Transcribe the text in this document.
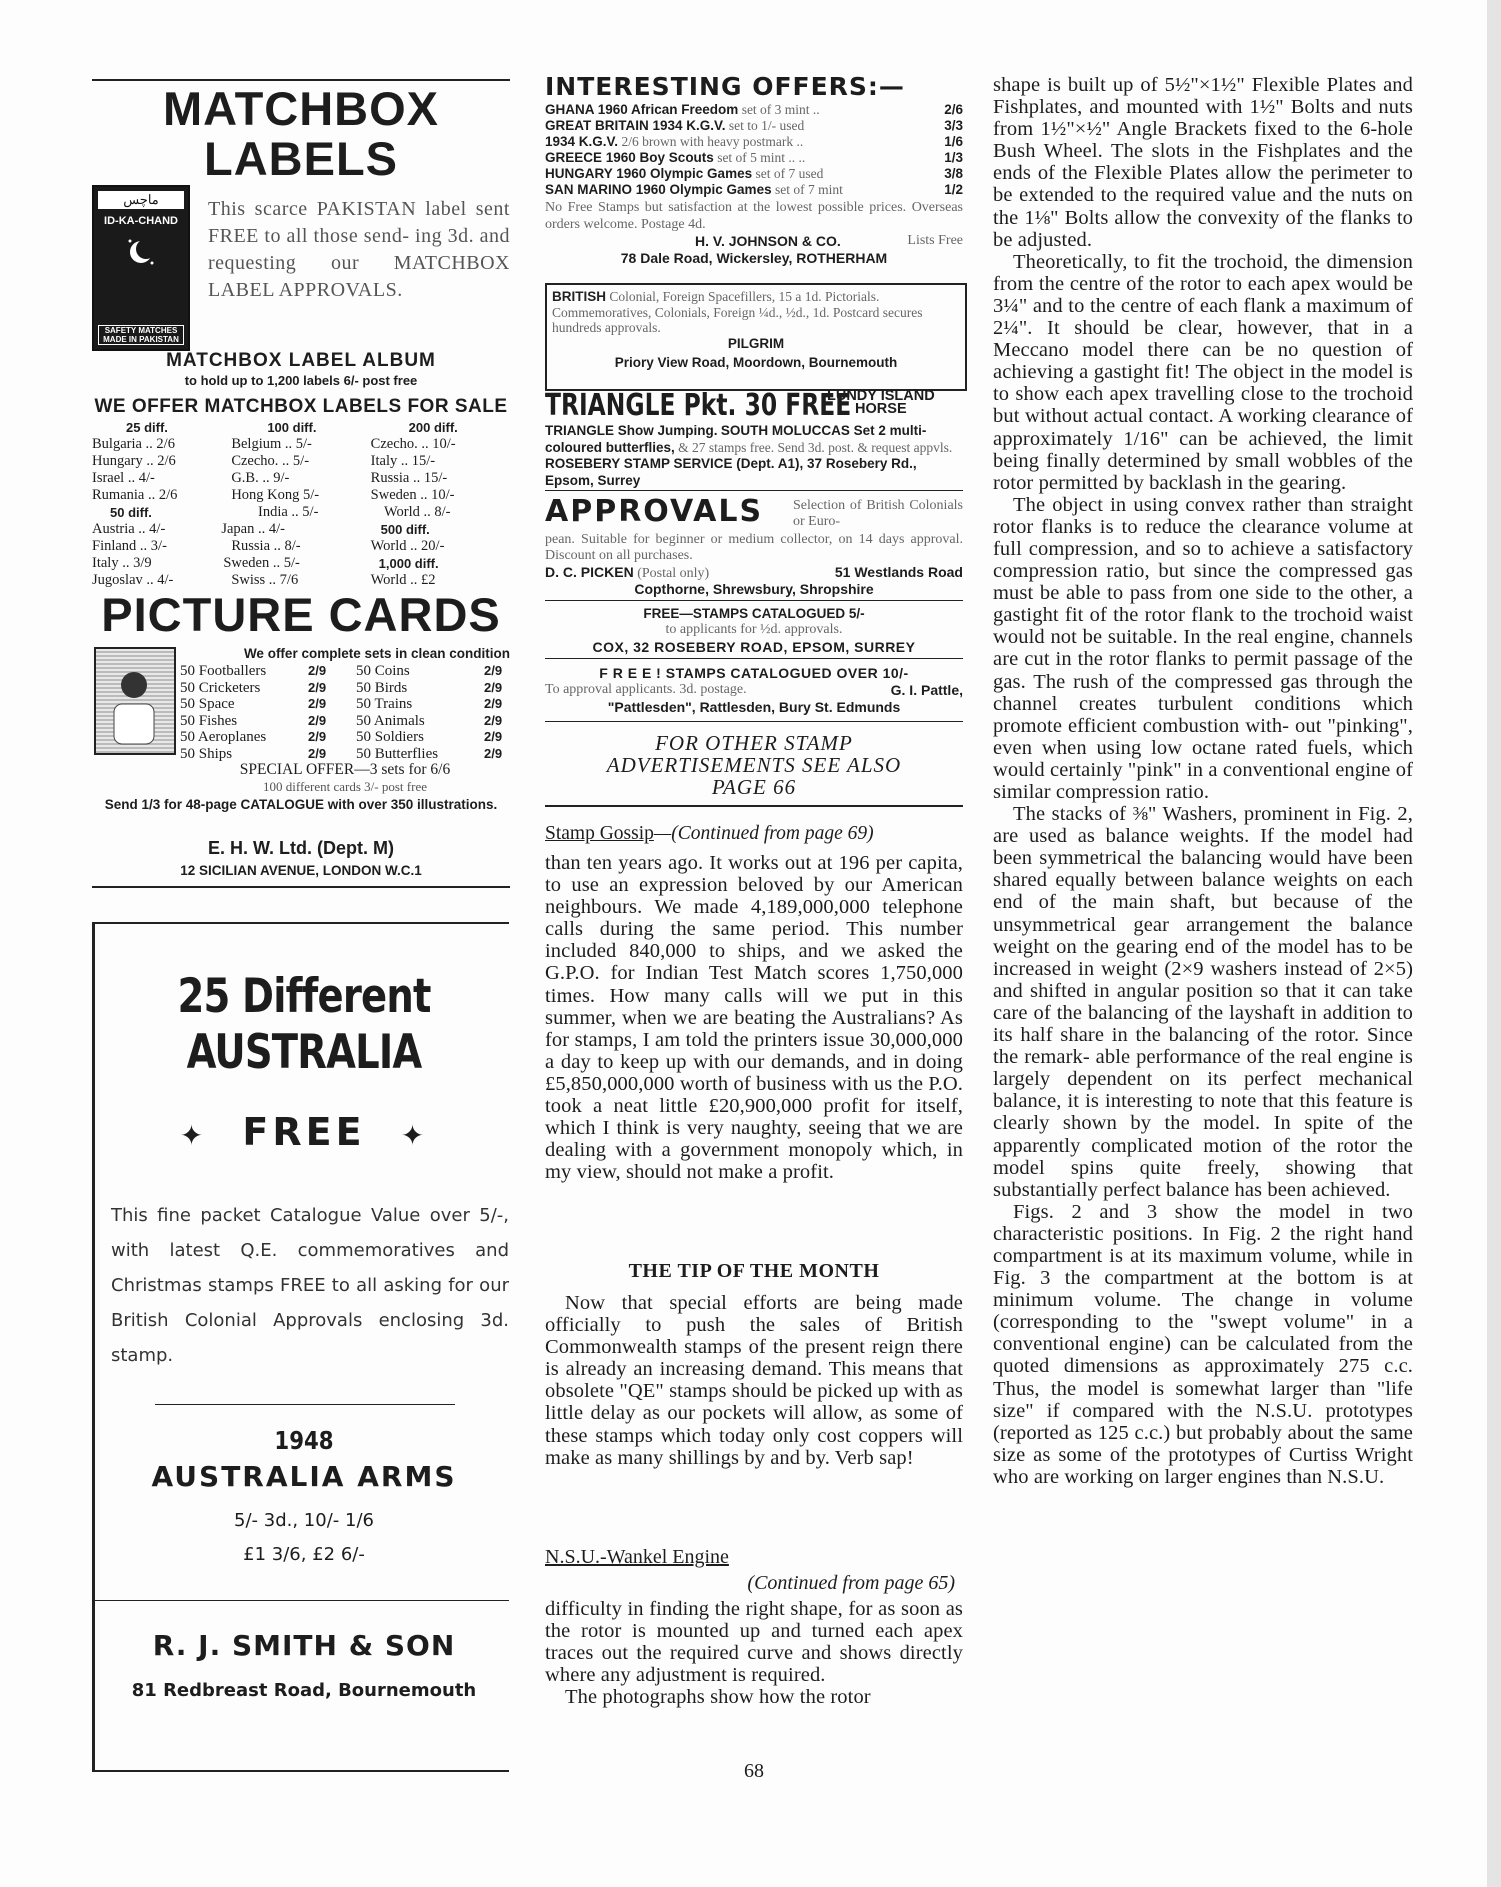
MATCHBOX
LABELS
ماچس
ID-KA-CHAND
SAFETY MATCHES MADE IN PAKISTAN
This scarce PAKISTAN label sent FREE to all those send- ing 3d. and requesting our MATCHBOX LABEL APPROVALS.
MATCHBOX LABEL ALBUM
to hold up to 1,200 labels 6/- post free
WE OFFER MATCHBOX LABELS FOR SALE
25 diff.	100 diff.	200 diff.
Bulgaria .. 2/6	Belgium .. 5/-	Czecho. .. 10/-
Hungary .. 2/6	Czecho. .. 5/-	Italy .. 15/-
Israel .. 4/-	G.B. .. 9/-	Russia .. 15/-
Rumania .. 2/6	Hong Kong 5/-	Sweden .. 10/-
50 diff.	India .. 5/-	World .. 8/-
Austria .. 4/-	Japan .. 4/-	500 diff.
Finland .. 3/-	Russia .. 8/-	World .. 20/-
Italy .. 3/9	Sweden .. 5/-	1,000 diff.
Jugoslav .. 4/-	Swiss .. 7/6	World .. £2
PICTURE CARDS
We offer complete sets in clean condition
50 Footballers	2/9	50 Coins	2/9
50 Cricketers	2/9	50 Birds	2/9
50 Space	2/9	50 Trains	2/9
50 Fishes	2/9	50 Animals	2/9
50 Aeroplanes	2/9	50 Soldiers	2/9
50 Ships	2/9	50 Butterflies	2/9
SPECIAL OFFER—3 sets for 6/6
100 different cards 3/- post free
Send 1/3 for 48-page CATALOGUE with over 350 illustrations.
E. H. W. Ltd. (Dept. M)
12 SICILIAN AVENUE, LONDON W.C.1
25 Different
AUSTRALIA
✦ FREE ✦
This fine packet Catalogue Value over 5/-, with latest Q.E. commemoratives and Christmas stamps FREE to all asking for our British Colonial Approvals enclosing 3d. stamp.
1948
AUSTRALIA ARMS
5/- 3d., 10/- 1/6
£1 3/6, £2 6/-
R. J. SMITH & SON
81 Redbreast Road, Bournemouth
INTERESTING OFFERS:—
GHANA 1960 African Freedom set of 3 mint ..	2/6
GREAT BRITAIN 1934 K.G.V. set to 1/- used	3/3
1934 K.G.V. 2/6 brown with heavy postmark ..	1/6
GREECE 1960 Boy Scouts set of 5 mint .. ..	1/3
HUNGARY 1960 Olympic Games set of 7 used	3/8
SAN MARINO 1960 Olympic Games set of 7 mint	1/2
No Free Stamps but satisfaction at the lowest possible prices. Overseas orders welcome. Postage 4d.
H. V. JOHNSON & CO.	Lists Free
78 Dale Road, Wickersley, ROTHERHAM
BRITISH Colonial, Foreign Spacefillers, 15 a 1d. Pictorials. Commemoratives, Colonials, Foreign ¼d., ½d., 1d. Postcard secures hundreds approvals.
PILGRIM
Priory View Road, Moordown, Bournemouth
TRIANGLE Pkt. 30 FREE
LUNDY ISLAND
HORSE
TRIANGLE Show Jumping. SOUTH MOLUCCAS Set 2 multi-coloured butterflies, & 27 stamps free. Send 3d. post. & request appvls. ROSEBERY STAMP SERVICE (Dept. A1), 37 Rosebery Rd., Epsom, Surrey
APPROVALS Selection of British Colonials or Euro-
pean. Suitable for beginner or medium collector, on 14 days approval. Discount on all purchases.
D. C. PICKEN (Postal only)	51 Westlands Road
Copthorne, Shrewsbury, Shropshire
FREE—STAMPS CATALOGUED 5/-
to applicants for ½d. approvals.
COX, 32 ROSEBERY ROAD, EPSOM, SURREY
F R E E ! STAMPS CATALOGUED OVER 10/-
To approval applicants. 3d. postage.	G. I. Pattle,
"Pattlesden", Rattlesden, Bury St. Edmunds
FOR OTHER STAMP ADVERTISEMENTS SEE ALSO PAGE 66
Stamp Gossip—(Continued from page 69)

than ten years ago. It works out at 196 per capita, to use an expression beloved by our American neighbours. We made 4,189,000,000 telephone calls during the same period. This number included 840,000 to ships, and we asked the G.P.O. for Indian Test Match scores 1,750,000 times. How many calls will we put in this summer, when we are beating the Australians? As for stamps, I am told the printers issue 30,000,000 a day to keep up with our demands, and in doing £5,850,000,000 worth of business with us the P.O. took a neat little £20,900,000 profit for itself, which I think is very naughty, seeing that we are dealing with a government monopoly which, in my view, should not make a profit.

THE TIP OF THE MONTH

Now that special efforts are being made officially to push the sales of British Commonwealth stamps of the present reign there is already an increasing demand. This means that obsolete "QE" stamps should be picked up with as little delay as our pockets will allow, as some of these stamps which today only cost coppers will make as many shillings by and by. Verb sap!

N.S.U.-Wankel Engine
(Continued from page 65)

difficulty in finding the right shape, for as soon as the rotor is mounted up and turned each apex traces out the required curve and shows directly where any adjustment is required.

The photographs show how the rotor

68

shape is built up of 5½"×1½" Flexible Plates and Fishplates, and mounted with 1½" Bolts and nuts from 1½"×½" Angle Brackets fixed to the 6-hole Bush Wheel. The slots in the Fishplates and the ends of the Flexible Plates allow the perimeter to be extended to the required value and the nuts on the 1⅛" Bolts allow the convexity of the flanks to be adjusted.

Theoretically, to fit the trochoid, the dimension from the centre of the rotor to each apex would be 3¼" and to the centre of each flank a maximum of 2¼". It should be clear, however, that in a Meccano model there can be no question of achieving a gastight fit! The object in the model is to show each apex travelling close to the trochoid but without actual contact. A working clearance of approximately 1/16" can be achieved, the limit being finally determined by small wobbles of the rotor permitted by backlash in the gearing.

The object in using convex rather than straight rotor flanks is to reduce the clearance volume at full compression, and so to achieve a satisfactory compression ratio, but since the compressed gas must be able to pass from one side to the other, a gastight fit of the rotor flank to the trochoid waist would not be suitable. In the real engine, channels are cut in the rotor flanks to permit passage of the gas. The rush of the compressed gas through the channel creates turbulent conditions which promote efficient combustion with- out "pinking", even when using low octane rated fuels, which would certainly "pink" in a conventional engine of similar compression ratio.

The stacks of ⅜" Washers, prominent in Fig. 2, are used as balance weights. If the model had been symmetrical the balancing would have been shared equally between balance weights on each end of the main shaft, but because of the unsymmetrical gear arrangement the balance weight on the gearing end of the model has to be increased in weight (2×9 washers instead of 2×5) and shifted in angular position so that it can take care of the balancing of the layshaft in addition to its half share in the balancing of the rotor. Since the remark- able performance of the real engine is largely dependent on its perfect mechanical balance, it is interesting to note that this feature is clearly shown by the model. In spite of the apparently complicated motion of the rotor the model spins quite freely, showing that substantially perfect balance has been achieved.

Figs. 2 and 3 show the model in two characteristic positions. In Fig. 2 the right hand compartment is at its maximum volume, while in Fig. 3 the compartment at the bottom is at minimum volume. The change in volume (corresponding to the "swept volume" in a conventional engine) can be calculated from the quoted dimensions as approximately 275 c.c. Thus, the model is somewhat larger than "life size" if compared with the N.S.U. prototypes (reported as 125 c.c.) but probably about the same size as some of the prototypes of Curtiss Wright who are working on larger engines than N.S.U.
